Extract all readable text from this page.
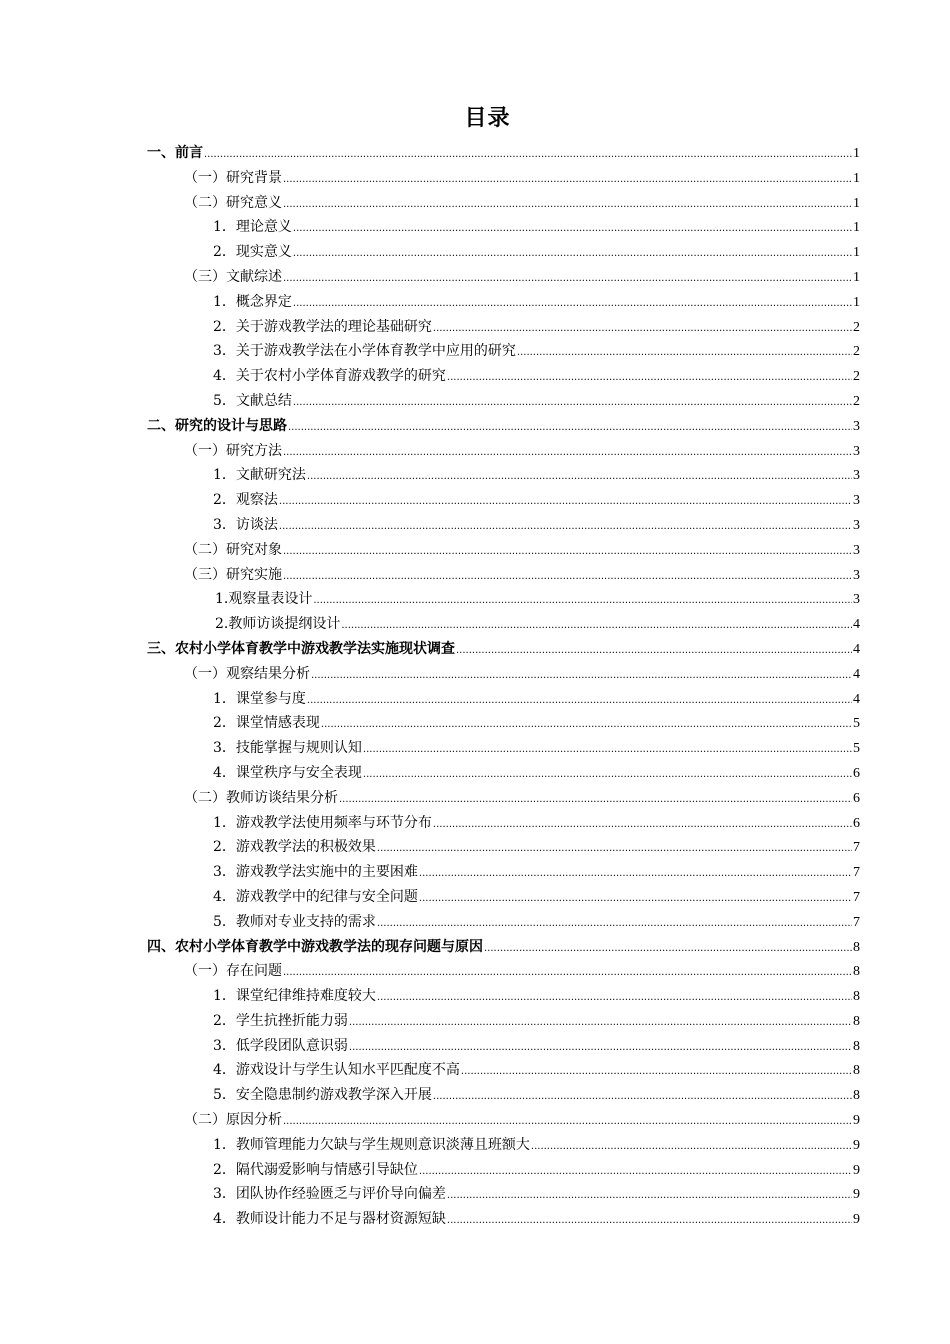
目录
一、前言 .....	1
（一）研究背景 .....	1
（二）研究意义 .....	1
1．理论意义 .....	1
2．现实意义 .....	1
（三）文献综述 .....	1
1．概念界定 .....	1
2．关于游戏教学法的理论基础研究 .....	2
3．关于游戏教学法在小学体育教学中应用的研究 .....	2
4．关于农村小学体育游戏教学的研究 .....	2
5．文献总结 .....	2
二、研究的设计与思路 .....	3
（一）研究方法 .....	3
1．文献研究法 .....	3
2．观察法 .....	3
3．访谈法 .....	3
（二）研究对象 .....	3
（三）研究实施 .....	3
1.观察量表设计 .....	3
2.教师访谈提纲设计 .....	4
三、农村小学体育教学中游戏教学法实施现状调查 .....	4
（一）观察结果分析 .....	4
1．课堂参与度 .....	4
2．课堂情感表现 .....	5
3．技能掌握与规则认知 .....	5
4．课堂秩序与安全表现 .....	6
（二）教师访谈结果分析 .....	6
1．游戏教学法使用频率与环节分布 .....	6
2．游戏教学法的积极效果 .....	7
3．游戏教学法实施中的主要困难 .....	7
4．游戏教学中的纪律与安全问题 .....	7
5．教师对专业支持的需求 .....	7
四、农村小学体育教学中游戏教学法的现存问题与原因 .....	8
（一）存在问题 .....	8
1．课堂纪律维持难度较大 .....	8
2．学生抗挫折能力弱 .....	8
3．低学段团队意识弱 .....	8
4．游戏设计与学生认知水平匹配度不高 .....	8
5．安全隐患制约游戏教学深入开展 .....	8
（二）原因分析 .....	9
1．教师管理能力欠缺与学生规则意识淡薄且班额大 .....	9
2．隔代溺爱影响与情感引导缺位 .....	9
3．团队协作经验匮乏与评价导向偏差 .....	9
4．教师设计能力不足与器材资源短缺 .....	9
